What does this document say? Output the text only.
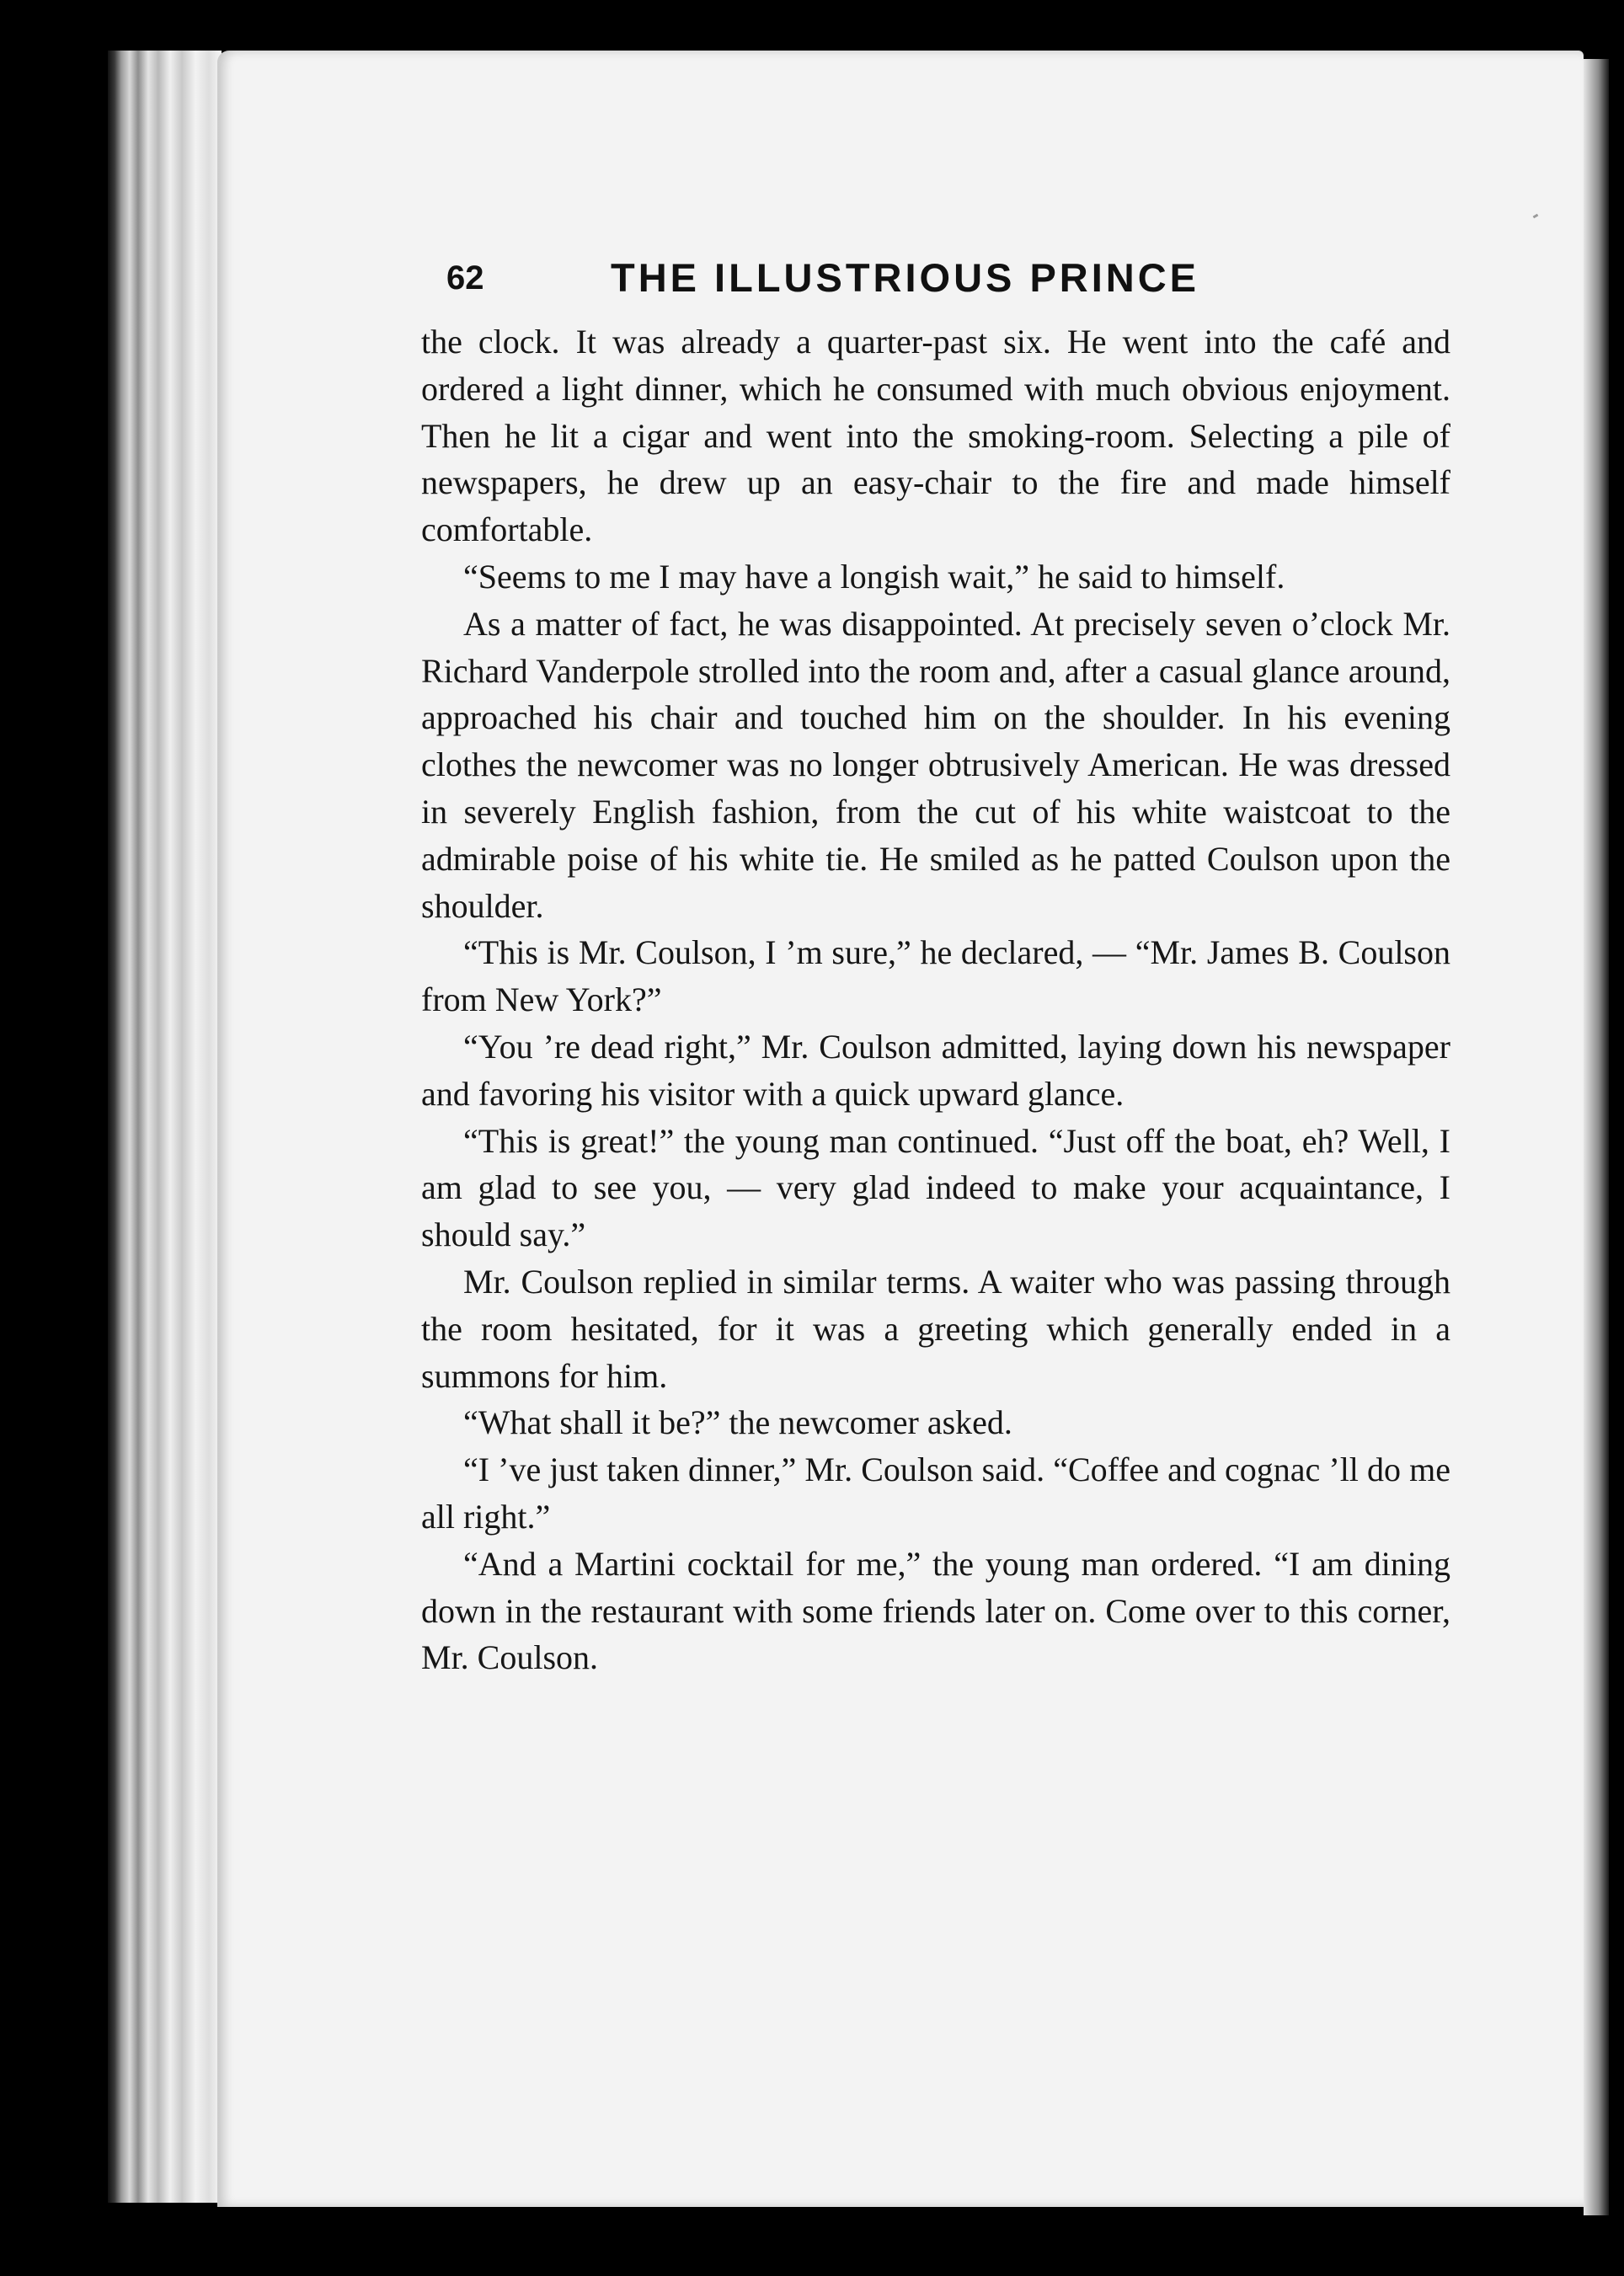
62	THE ILLUSTRIOUS PRINCE

the clock. It was already a quarter-past six. He went into the café and ordered a light dinner, which he consumed with much obvious enjoyment. Then he lit a cigar and went into the smoking-room. Selecting a pile of newspapers, he drew up an easy-chair to the fire and made himself comfortable.

“Seems to me I may have a longish wait,” he said to himself.

As a matter of fact, he was disappointed. At precisely seven o’clock Mr. Richard Vanderpole strolled into the room and, after a casual glance around, approached his chair and touched him on the shoulder. In his evening clothes the newcomer was no longer obtrusively American. He was dressed in severely English fashion, from the cut of his white waistcoat to the admirable poise of his white tie. He smiled as he patted Coulson upon the shoulder.

“This is Mr. Coulson, I ’m sure,” he declared, — “Mr. James B. Coulson from New York?”

“You ’re dead right,” Mr. Coulson admitted, laying down his newspaper and favoring his visitor with a quick upward glance.

“This is great!” the young man continued. “Just off the boat, eh? Well, I am glad to see you, — very glad indeed to make your acquaintance, I should say.”

Mr. Coulson replied in similar terms. A waiter who was passing through the room hesitated, for it was a greeting which generally ended in a summons for him.

“What shall it be?” the newcomer asked.

“I ’ve just taken dinner,” Mr. Coulson said. “Coffee and cognac ’ll do me all right.”

“And a Martini cocktail for me,” the young man ordered. “I am dining down in the restaurant with some friends later on. Come over to this corner, Mr. Coulson.
